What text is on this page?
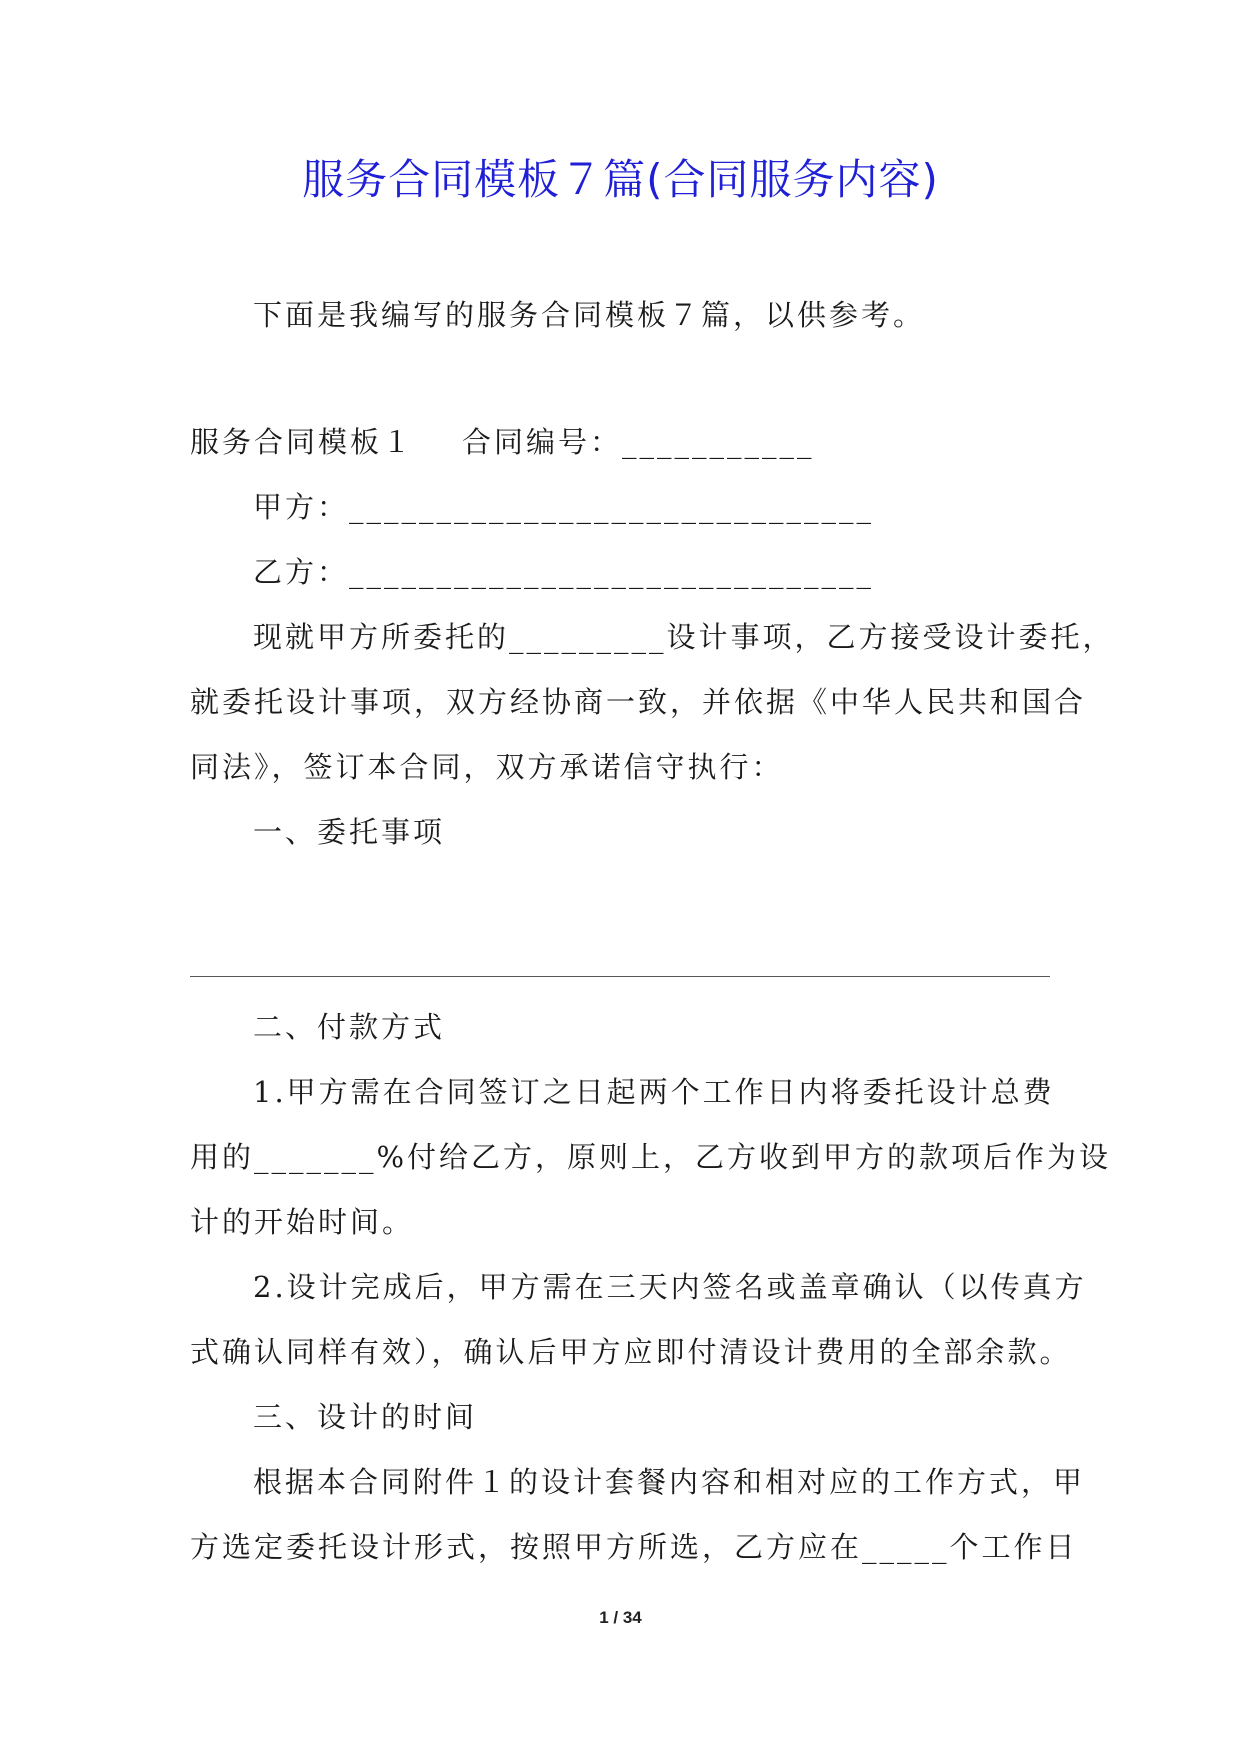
服务合同模板７篇(合同服务内容)
下面是我编写的服务合同模板７篇，以供参考。
服务合同模板１ 合同编号：___________
甲方：______________________________
乙方：______________________________
现就甲方所委托的_________设计事项，乙方接受设计委托，
就委托设计事项，双方经协商一致，并依据《中华人民共和国合
同法》，签订本合同，双方承诺信守执行：
一、委托事项
二、付款方式
1.甲方需在合同签订之日起两个工作日内将委托设计总费
用的_______%付给乙方，原则上，乙方收到甲方的款项后作为设
计的开始时间。
2.设计完成后，甲方需在三天内签名或盖章确认（以传真方
式确认同样有效），确认后甲方应即付清设计费用的全部余款。
三、设计的时间
根据本合同附件１的设计套餐内容和相对应的工作方式，甲
方选定委托设计形式，按照甲方所选，乙方应在_____个工作日
1 / 34
